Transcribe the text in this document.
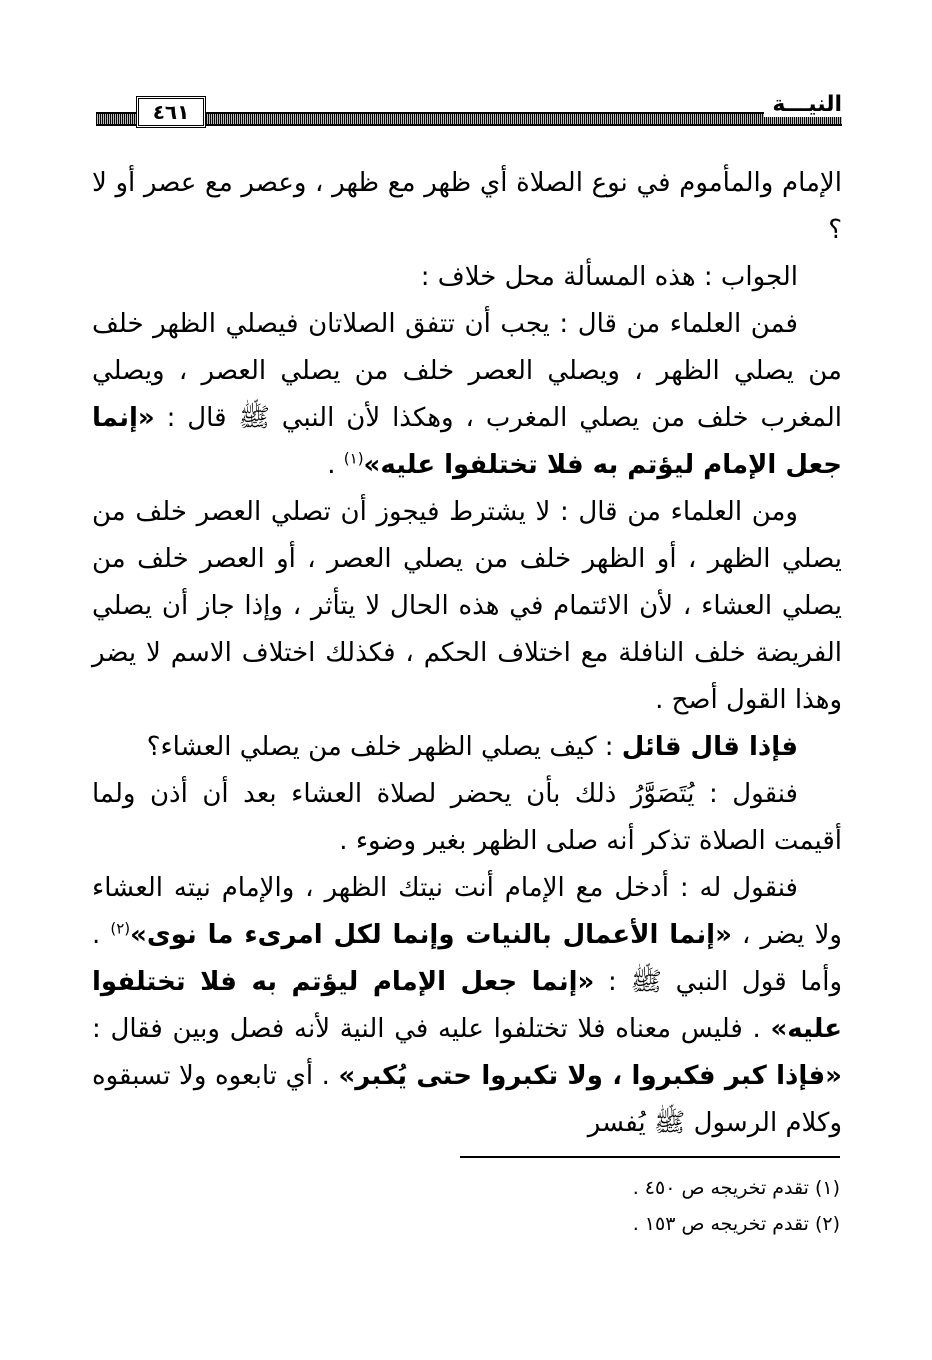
النيـــة
٤٦١

الإمام والمأموم في نوع الصلاة أي ظهر مع ظهر ، وعصر مع عصر أو لا ؟

الجواب : هذه المسألة محل خلاف :

فمن العلماء من قال : يجب أن تتفق الصلاتان فيصلي الظهر خلف من يصلي الظهر ، ويصلي العصر خلف من يصلي العصر ، ويصلي المغرب خلف من يصلي المغرب ، وهكذا لأن النبي ﷺ قال : «إنما جعل الإمام ليؤتم به فلا تختلفوا عليه»$^{(١)}$ .

ومن العلماء من قال : لا يشترط فيجوز أن تصلي العصر خلف من يصلي الظهر ، أو الظهر خلف من يصلي العصر ، أو العصر خلف من يصلي العشاء ، لأن الائتمام في هذه الحال لا يتأثر ، وإذا جاز أن يصلي الفريضة خلف النافلة مع اختلاف الحكم ، فكذلك اختلاف الاسم لا يضر وهذا القول أصح .

فإذا قال قائل : كيف يصلي الظهر خلف من يصلي العشاء؟

فنقول : يُتَصَوَّرُ ذلك بأن يحضر لصلاة العشاء بعد أن أذن ولما أقيمت الصلاة تذكر أنه صلى الظهر بغير وضوء .

فنقول له : أدخل مع الإمام أنت نيتك الظهر ، والإمام نيته العشاء ولا يضر ، «إنما الأعمال بالنيات وإنما لكل امرىء ما نوى»$^{(٢)}$ . وأما قول النبي ﷺ : «إنما جعل الإمام ليؤتم به فلا تختلفوا عليه» . فليس معناه فلا تختلفوا عليه في النية لأنه فصل وبين فقال : «فإذا كبر فكبروا ، ولا تكبروا حتى يُكبر» . أي تابعوه ولا تسبقوه وكلام الرسول ﷺ يُفسر

(١) تقدم تخريجه ص ٤٥٠ .

(٢) تقدم تخريجه ص ١٥٣ .
